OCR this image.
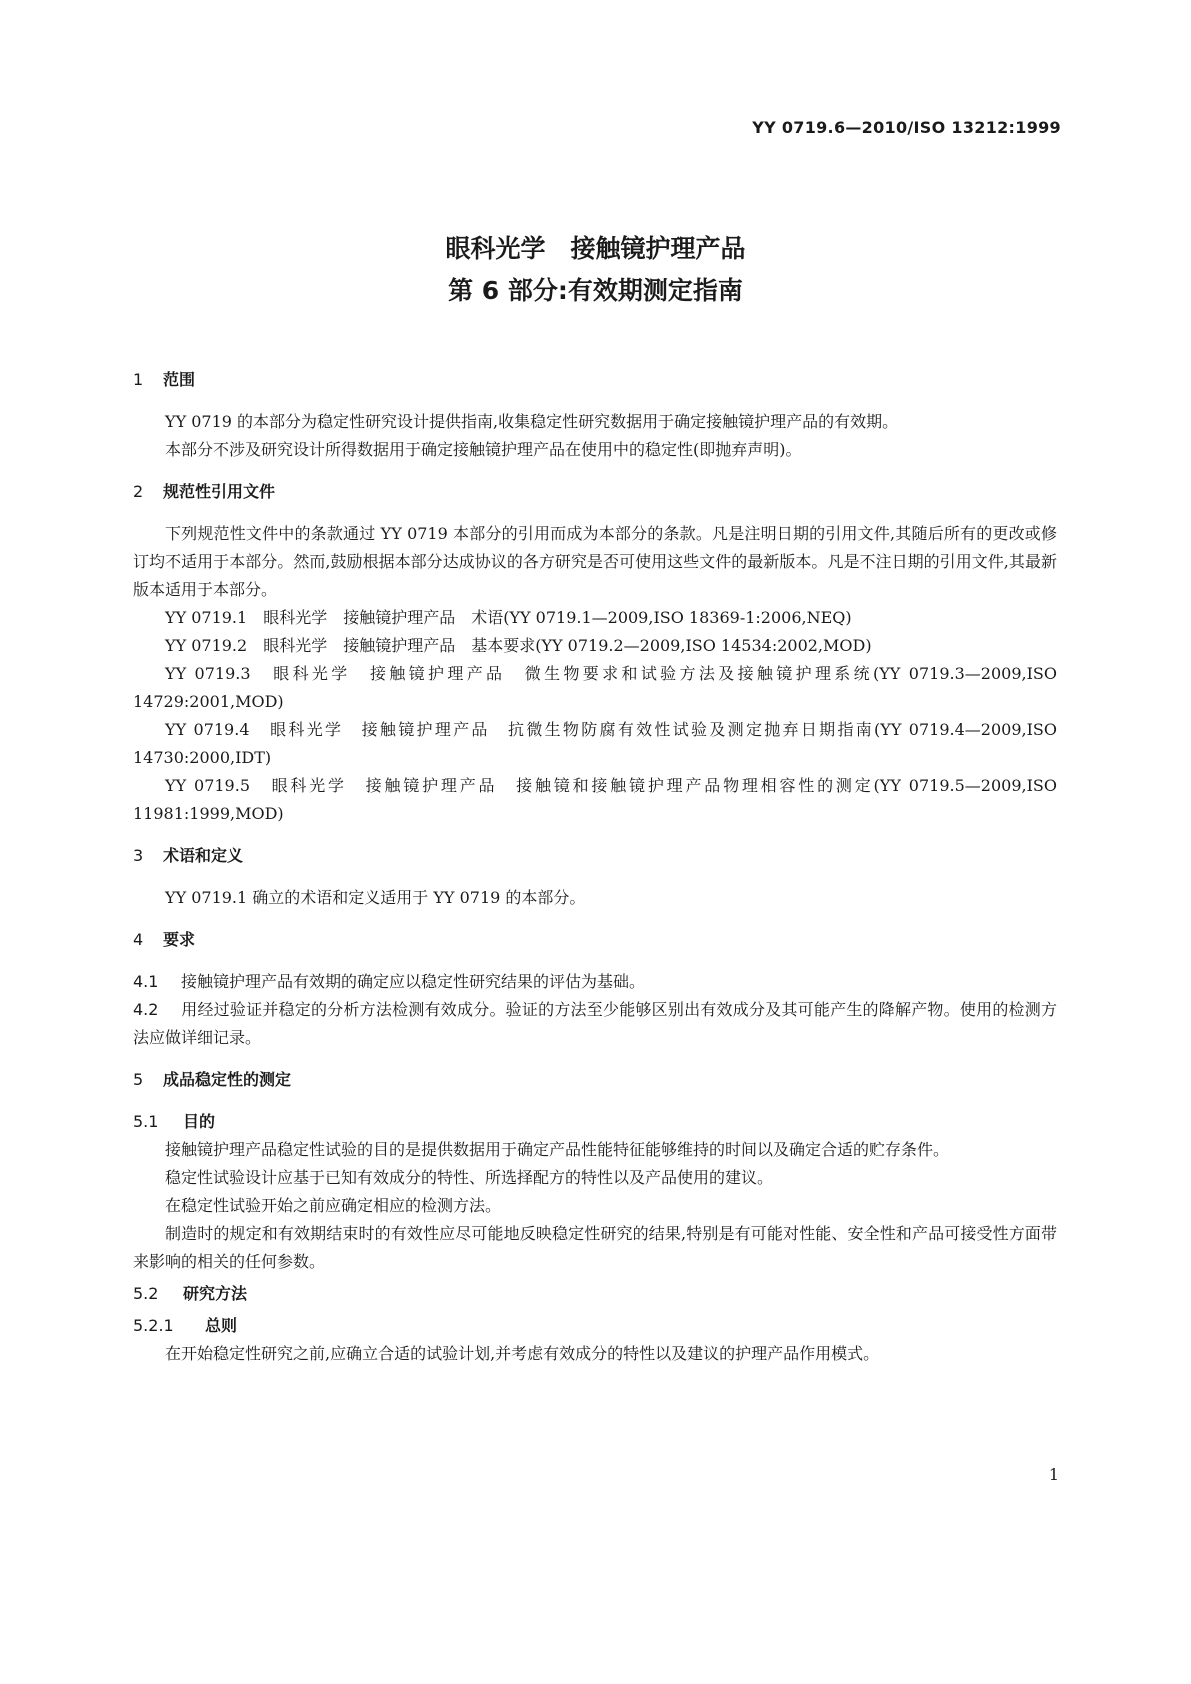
YY 0719.6—2010/ISO 13212:1999
眼科光学　接触镜护理产品
第 6 部分:有效期测定指南
1 范围

YY 0719 的本部分为稳定性研究设计提供指南,收集稳定性研究数据用于确定接触镜护理产品的有效期。

本部分不涉及研究设计所得数据用于确定接触镜护理产品在使用中的稳定性(即抛弃声明)。

2 规范性引用文件

下列规范性文件中的条款通过 YY 0719 本部分的引用而成为本部分的条款。凡是注明日期的引用文件,其随后所有的更改或修订均不适用于本部分。然而,鼓励根据本部分达成协议的各方研究是否可使用这些文件的最新版本。凡是不注日期的引用文件,其最新版本适用于本部分。

YY 0719.1　眼科光学　接触镜护理产品　术语(YY 0719.1—2009,ISO 18369-1:2006,NEQ)

YY 0719.2　眼科光学　接触镜护理产品　基本要求(YY 0719.2—2009,ISO 14534:2002,MOD)

YY 0719.3　眼科光学　接触镜护理产品　微生物要求和试验方法及接触镜护理系统(YY 0719.3—2009,ISO 14729:2001,MOD)

YY 0719.4　眼科光学　接触镜护理产品　抗微生物防腐有效性试验及测定抛弃日期指南(YY 0719.4—2009,ISO 14730:2000,IDT)

YY 0719.5　眼科光学　接触镜护理产品　接触镜和接触镜护理产品物理相容性的测定(YY 0719.5—2009,ISO 11981:1999,MOD)

3 术语和定义

YY 0719.1 确立的术语和定义适用于 YY 0719 的本部分。

4 要求

4.1 接触镜护理产品有效期的确定应以稳定性研究结果的评估为基础。

4.2 用经过验证并稳定的分析方法检测有效成分。验证的方法至少能够区别出有效成分及其可能产生的降解产物。使用的检测方法应做详细记录。

5 成品稳定性的测定
5.1 目的

接触镜护理产品稳定性试验的目的是提供数据用于确定产品性能特征能够维持的时间以及确定合适的贮存条件。

稳定性试验设计应基于已知有效成分的特性、所选择配方的特性以及产品使用的建议。

在稳定性试验开始之前应确定相应的检测方法。

制造时的规定和有效期结束时的有效性应尽可能地反映稳定性研究的结果,特别是有可能对性能、安全性和产品可接受性方面带来影响的相关的任何参数。

5.2 研究方法
5.2.1 总则

在开始稳定性研究之前,应确立合适的试验计划,并考虑有效成分的特性以及建议的护理产品作用模式。

1
